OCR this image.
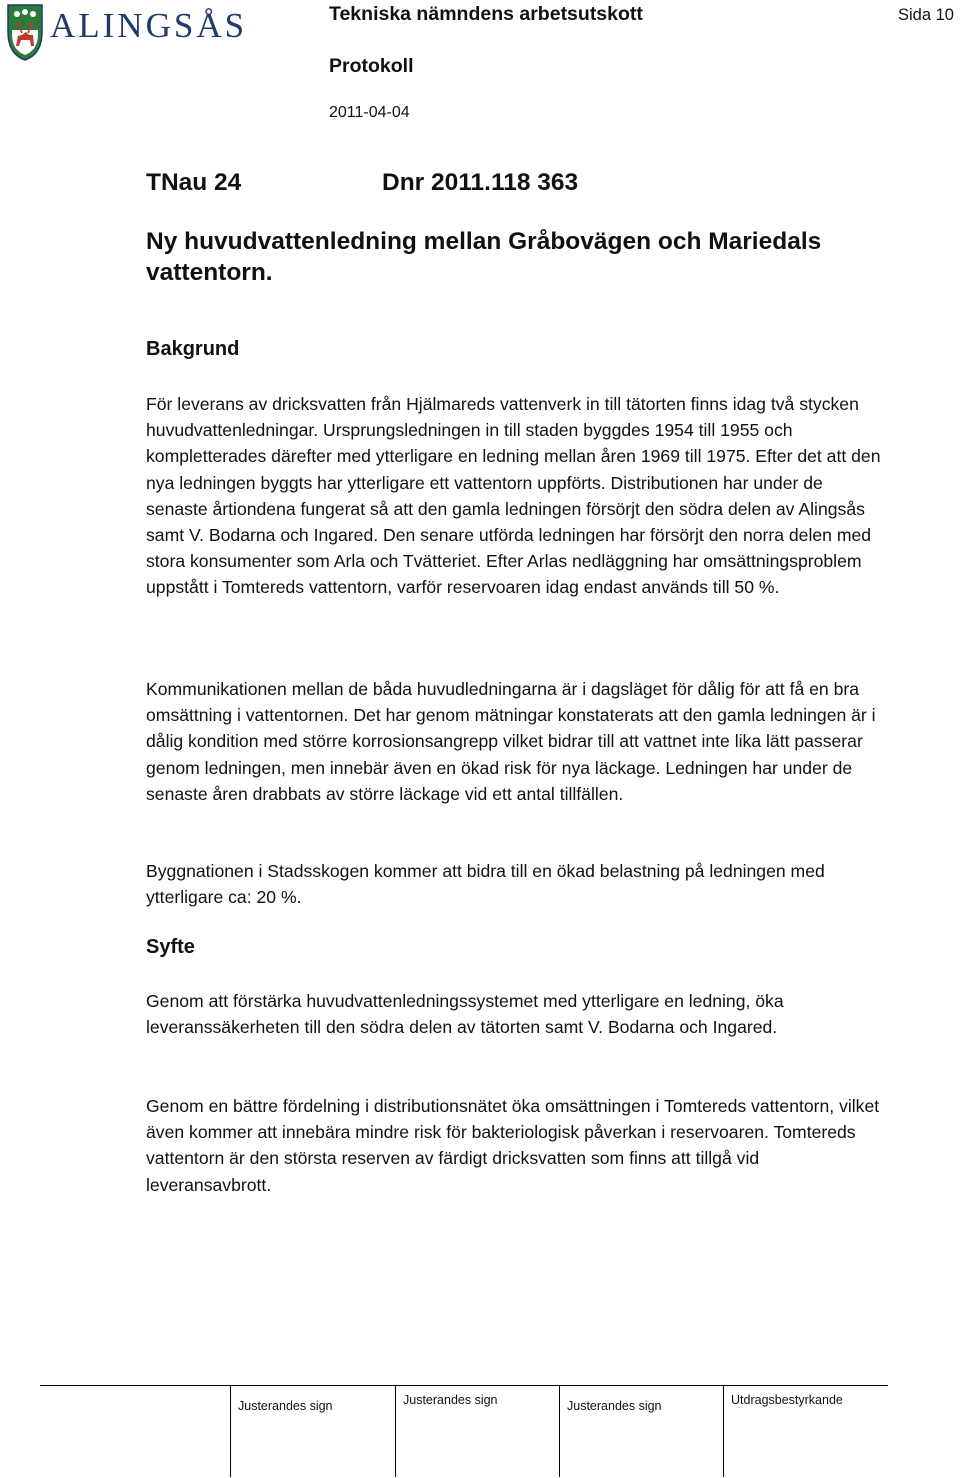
ALINGSÅS	Tekniska nämndens arbetsutskott	Sida 10
Protokoll
2011-04-04
TNau 24	Dnr 2011.118 363
Ny huvudvattenledning mellan Gråbovägen och Mariedals vattentorn.
Bakgrund
För leverans av dricksvatten från Hjälmareds vattenverk in till tätorten finns idag två stycken huvudvattenledningar. Ursprungsledningen in till staden byggdes 1954 till 1955 och kompletterades därefter med ytterligare en ledning mellan åren 1969 till 1975. Efter det att den nya ledningen byggts har ytterligare ett vattentorn uppförts. Distributionen har under de senaste årtiondena fungerat så att den gamla ledningen försörjt den södra delen av Alingsås samt V. Bodarna och Ingared. Den senare utförda ledningen har försörjt den norra delen med stora konsumenter som Arla och Tvätteriet. Efter Arlas nedläggning har omsättningsproblem uppstått i Tomtereds vattentorn, varför reservoaren idag endast används till 50 %.
Kommunikationen mellan de båda huvudledningarna är i dagsläget för dålig för att få en bra omsättning i vattentornen. Det har genom mätningar konstaterats att den gamla ledningen är i dålig kondition med större korrosionsangrepp vilket bidrar till att vattnet inte lika lätt passerar genom ledningen, men innebär även en ökad risk för nya läckage. Ledningen har under de senaste åren drabbats av större läckage vid ett antal tillfällen.
Byggnationen i Stadsskogen kommer att bidra till en ökad belastning på ledningen med ytterligare ca: 20 %.
Syfte
Genom att förstärka huvudvattenledningssystemet med ytterligare en ledning, öka leveranssäkerheten till den södra delen av tätorten samt V. Bodarna och Ingared.
Genom en bättre fördelning i distributionsnätet öka omsättningen i Tomtereds vattentorn, vilket även kommer att innebära mindre risk för bakteriologisk påverkan i reservoaren. Tomtereds vattentorn är den största reserven av färdigt dricksvatten som finns att tillgå vid leveransavbrott.
Justerandes sign	Justerandes sign	Justerandes sign	Utdragsbestyrkande
